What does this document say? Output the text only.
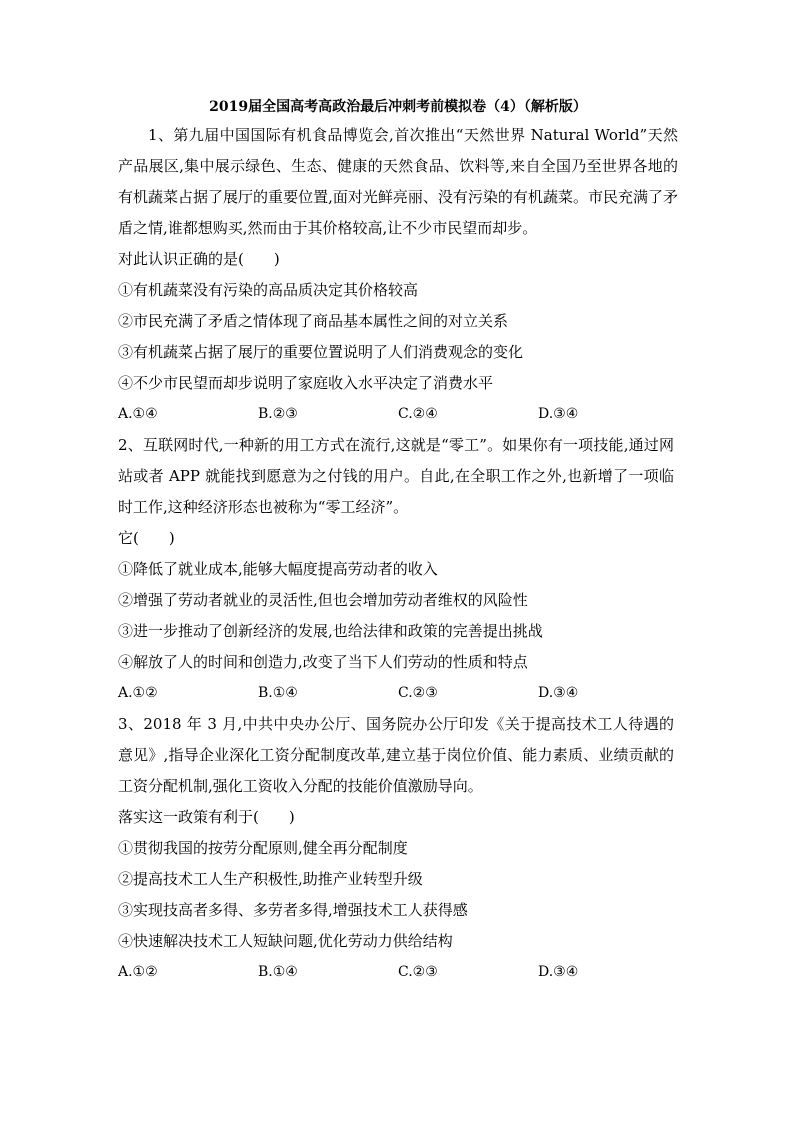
2019届全国高考高政治最后冲刺考前模拟卷（4）（解析版）

1、第九届中国国际有机食品博览会,首次推出“天然世界 Natural World”天然产品展区,集中展示绿色、生态、健康的天然食品、饮料等,来自全国乃至世界各地的有机蔬菜占据了展厅的重要位置,面对光鲜亮丽、没有污染的有机蔬菜。市民充满了矛盾之情,谁都想购买,然而由于其价格较高,让不少市民望而却步。

对此认识正确的是(　　)
①有机蔬菜没有污染的高品质决定其价格较高
②市民充满了矛盾之情体现了商品基本属性之间的对立关系
③有机蔬菜占据了展厅的重要位置说明了人们消费观念的变化
④不少市民望而却步说明了家庭收入水平决定了消费水平
A.①④	B.②③	C.②④	D.③④

2、互联网时代,一种新的用工方式在流行,这就是“零工”。如果你有一项技能,通过网站或者 APP 就能找到愿意为之付钱的用户。自此,在全职工作之外,也新增了一项临时工作,这种经济形态也被称为“零工经济”。

它(　　)
①降低了就业成本,能够大幅度提高劳动者的收入
②增强了劳动者就业的灵活性,但也会增加劳动者维权的风险性
③进一步推动了创新经济的发展,也给法律和政策的完善提出挑战
④解放了人的时间和创造力,改变了当下人们劳动的性质和特点
A.①②	B.①④	C.②③	D.③④

3、2018 年 3 月,中共中央办公厅、国务院办公厅印发《关于提高技术工人待遇的意见》,指导企业深化工资分配制度改革,建立基于岗位价值、能力素质、业绩贡献的工资分配机制,强化工资收入分配的技能价值激励导向。

落实这一政策有利于(　　)
①贯彻我国的按劳分配原则,健全再分配制度
②提高技术工人生产积极性,助推产业转型升级
③实现技高者多得、多劳者多得,增强技术工人获得感
④快速解决技术工人短缺问题,优化劳动力供给结构
A.①②	B.①④	C.②③	D.③④
